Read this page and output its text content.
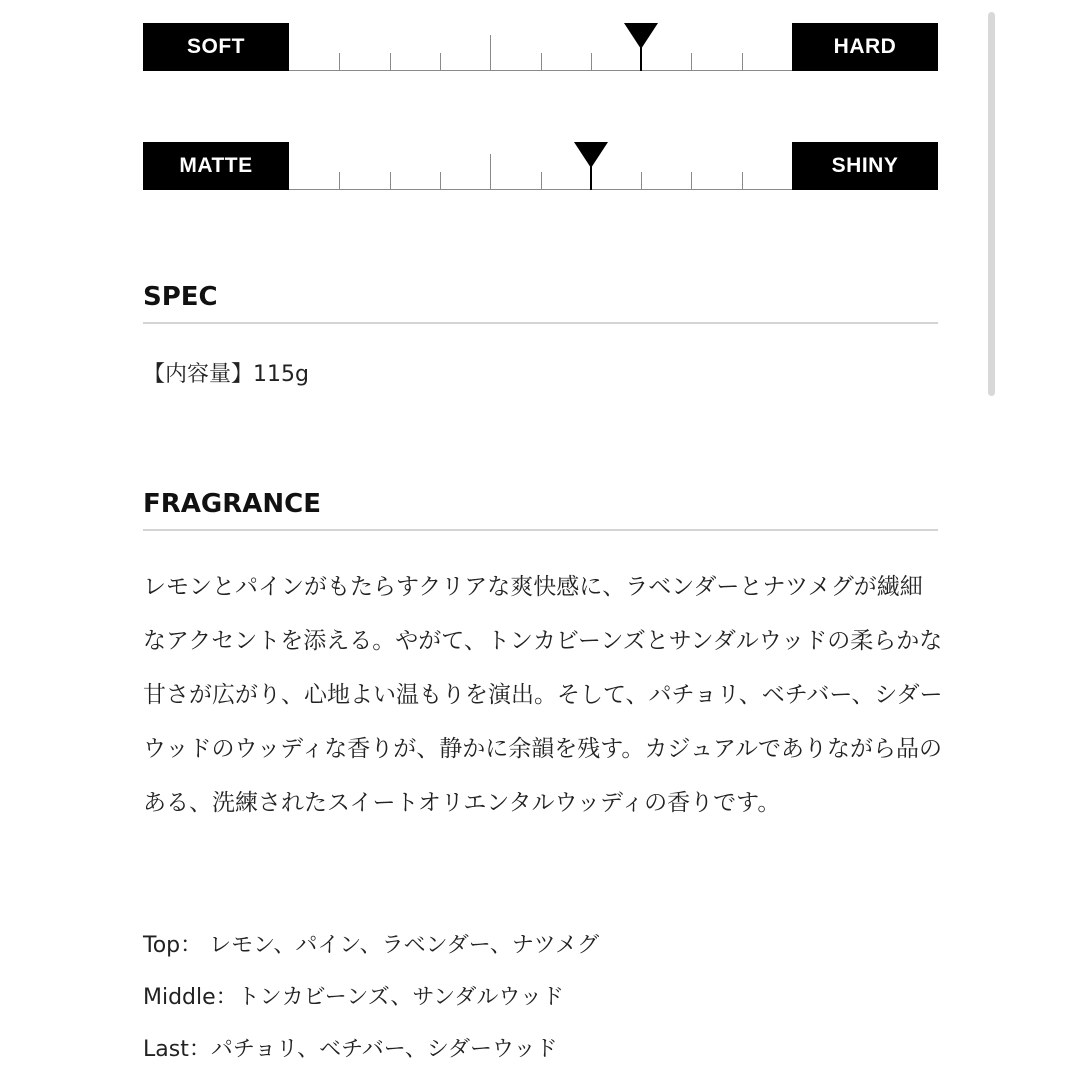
SOFT	HARD
MATTE	SHINY
SPEC
【内容量】115g
FRAGRANCE

レモンとパインがもたらすクリアな爽快感に、ラベンダーとナツメグが繊細なアクセントを添える。やがて、トンカビーンズとサンダルウッドの柔らかな甘さが広がり、心地よい温もりを演出。そして、パチョリ、ベチバー、シダーウッドのウッディな香りが、静かに余韻を残す。カジュアルでありながら品のある、洗練されたスイートオリエンタルウッディの香りです。

Top： レモン、パイン、ラベンダー、ナツメグ
Middle：トンカビーンズ、サンダルウッド
Last：パチョリ、ベチバー、シダーウッド
